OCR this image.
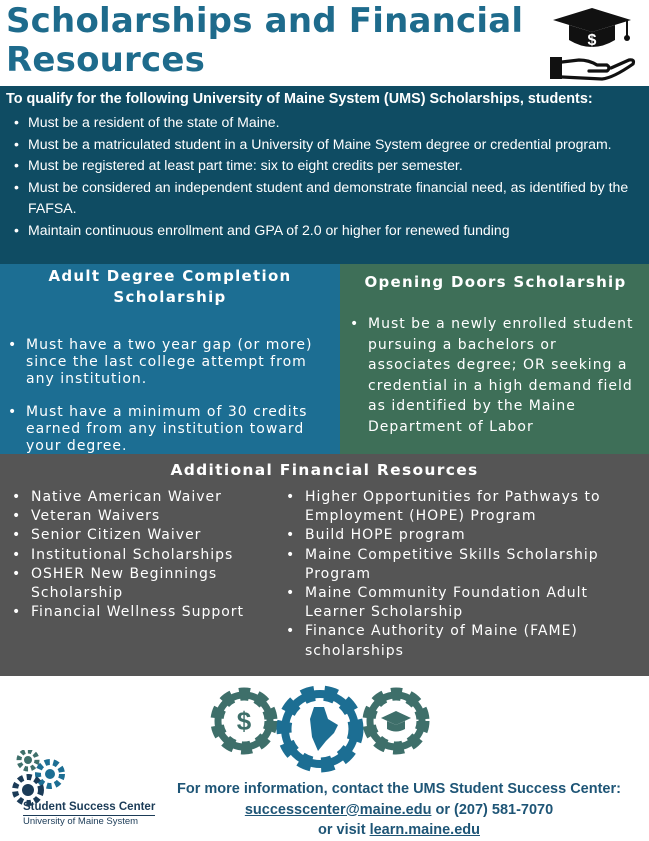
Scholarships and Financial Resources	$
To qualify for the following University of Maine System (UMS) Scholarships, students:
• Must be a resident of the state of Maine.
• Must be a matriculated student in a University of Maine System degree or credential program.
• Must be registered at least part time: six to eight credits per semester.
• Must be considered an independent student and demonstrate financial need, as identified by the FAFSA.
• Maintain continuous enrollment and GPA of 2.0 or higher for renewed funding
Adult Degree Completion Scholarship
• Must have a two year gap (or more) since the last college attempt from any institution.
• Must have a minimum of 30 credits earned from any institution toward your degree.
Opening Doors Scholarship
• Must be a newly enrolled student pursuing a bachelors or associates degree; OR seeking a credential in a high demand field as identified by the Maine Department of Labor
Additional Financial Resources
• Native American Waiver
• Veteran Waivers
• Senior Citizen Waiver
• Institutional Scholarships
• OSHER New Beginnings Scholarship
• Financial Wellness Support
• Higher Opportunities for Pathways to Employment (HOPE) Program
• Build HOPE program
• Maine Competitive Skills Scholarship Program
• Maine Community Foundation Adult Learner Scholarship
• Finance Authority of Maine (FAME) scholarships
$
Student Success Center
University of Maine System
For more information, contact the UMS Student Success Center:
successcenter@maine.edu or (207) 581-7070
or visit learn.maine.edu
